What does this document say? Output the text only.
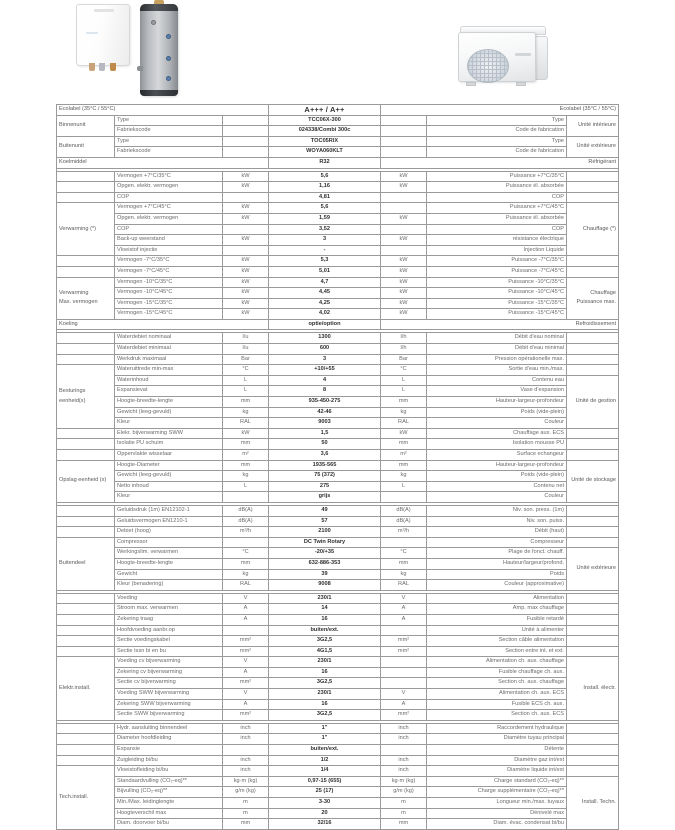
Ecolabel (35°C / 55°C)			A+++ / A++	Ecolabel (35°C / 55°C)		
Binnenunit	Type		TCC06X-300		Type	Unité intérieure
	Fabriekscode		024338/Combi 300c		Code de fabrication	
Buitenunit	Type		TOC05RIX		Type	Unité extérieure
	Fabriekscode		WOYA060KLT		Code de fabrication	
Koelmiddel			R32	Réfrigérant		

	Vermogen +7°C/35°C	kW	5,6	kW	Puissance +7°C/35°C	
	Opgen. elektr. vermogen	kW	1,16	kW	Puissance él. absorbée	
	COP		4,81		COP	
Verwarming (*)	Vermogen +7°C/45°C	kW	5,6		Puissance +7°C/45°C	Chauffage (*)
	Opgen. elektr. vermogen	kW	1,59	kW	Puissance él. absorbée	
	COP		3,52		COP	
	Back-up weerstand	kW	3	kW	résistance électrique	
	Vloeistof injectie		-		Injection Liquide	
	Vermogen -7°C/35°C	kW	5,3	kW	Puissance -7°C/35°C	
	Vermogen -7°C/45°C	kW	5,01	kW	Puissance -7°C/45°C	
Verwarming
Max. vermogen	Vermogen -10°C/35°C	kW	4,7	kW	Puissance -10°C/35°C	Chauffage
Puissance max.
	Vermogen -10°C/45°C	kW	4,45	kW	Puissance -10°C/45°C	
	Vermogen -15°C/35°C	kW	4,25	kW	Puissance -15°C/35°C	
	Vermogen -15°C/45°C	kW	4,02	kW	Puissance -15°C/45°C	
Koeling			optie/option	Refroidissement		

	Waterdebiet nominaal	l/u	1300	l/h	Débit d'eau nominal	
	Waterdebiet minimaal	l/u	600	l/h	Débit d'eau minimal	
	Werkdruk maximaal	Bar	3	Bar	Pression opérationelle max.	
Besturings
eenheid(x)	Wateruittrede min-max	°C	+10/+55	°C	Sortie d'eau min./max.	
	Waterinhoud	L	4	L	Contenu eau	Unité de gestion
	Expansievat	L	8	L	Vase d'expansion	
	Hoogte-breedte-lengte	mm	935-450-275	mm	Hauteur-largeur-profondeur	
	Gewicht (leeg-gevuld)	kg	42-46	kg	Poids (vide-plein)	
	Kleur	RAL	9003	RAL	Couleur	
	Elekr. bijverwarming SWW	kW	1,5	kW	Chauffage aux. ECS	
	Isolatie PU schuim	mm	50	mm	Isolation mousse PU	
	Oppervlakte wisselaar	m²	3,6	m²	Surface echangeur	
Opslag eenheid (x)	Hoogte-Diameter	mm	1935-565	mm	Hauteur-largeur-profondeur	Unité de stockage
	Gewicht (leeg-gevuld)	kg	75 (372)	kg	Poids (vide-plein)	
	Netto inhoud	L	275	L	Contenu net	
	Kleur		grijs		Couleur	

	Geluidsdruk (1m) EN12102-1	dB(A)	49	dB(A)	Niv. son. press. (1m)	
	Geluidsvermogen EN1210-1	dB(A)	57	dB(A)	Niv. son. puiss.	
	Debiet (hoog)	m³/h	2100	m³/h	Débit (haut)	
Buitendeel	Compressor		DC Twin Rotary		Compresseur	
	Werkingslim. verwarmen	°C	-20/+35	°C	Plage de fonct. chauff.	Unité extérieure
	Hoogte-breedte-lengte	mm	632-886-353	mm	Hauteur/largeur/profond.	
	Gewicht	kg	39	kg	Poids	
	Kleur (benadering)	RAL	9008	RAL	Couleur (approximative)	

	Voeding	V	230/1	V	Alimentation	
	Stroom max. verwarmen	A	14	A	Amp. max chauffage	
	Zekering traag	A	16	A	Fusible retardé	
	Hoofdvoeding aanbr.op		buiten/ext.		Unité à alimenter	
	Sectie voedingskabel	mm²	3G2,5	mm²	Section câble alimentation	
	Sectie tssn bi en bu	mm²	4G1,5	mm²	Section entre int. et ext.	
Elektr.install.	Voeding cv bijverwarming	V	230/1		Alimentation ch. aux. chauffage	Install. électr.
	Zekering cv bijverwarming	A	16		Fusible chauffage ch. aux.	
	Sectie cv bijverwarming	mm²	3G2,5		Section ch. aux. chauffage	
	Voeding SWW bijverwarming	V	230/1	V	Alimentation ch. aux. ECS	
	Zekering SWW bijverwarming	A	16	A	Fusible ECS ch. aux.	
	Sectie SWW bijverwarming	mm²	3G2,5	mm²	Section ch. aux. ECS	

	Hydr. aansluiting binnendeel	inch	1"	inch	Raccordement hydraulique	
	Diameter hoofdleiding	inch	1"	inch	Diamètre tuyau principal	
	Expansie		buiten/ext.		Détente	
	Zuigleiding bi/bu	inch	1/2	inch	Diamètre gaz int/ext	
Tech.install.	Vloeistofleiding bi/bu	inch	1/4	inch	Diamètre liquide int/ext	
	Standaardvulling (CO₂-eq)**	kg·m (kg)	0,97-15 (655)	kg·m (kg)	Charge standard (CO₂-eq)**	Install. Techn.
	Bijvulling (CO₂-eq)**	g/m (kg)	25 (17)	g/m (kg)	Charge supplémentaire (CO₂-eq)**	
	Min./Max. leidinglengte	m	3-30	m	Longueur min./max. tuyaux	
	Hoogteverschil max	m	20	m	Dénivelé max	
	Diam. doorvoer bi/bu	mm	32/16	mm	Diam. évac. condensat bi/bu	
